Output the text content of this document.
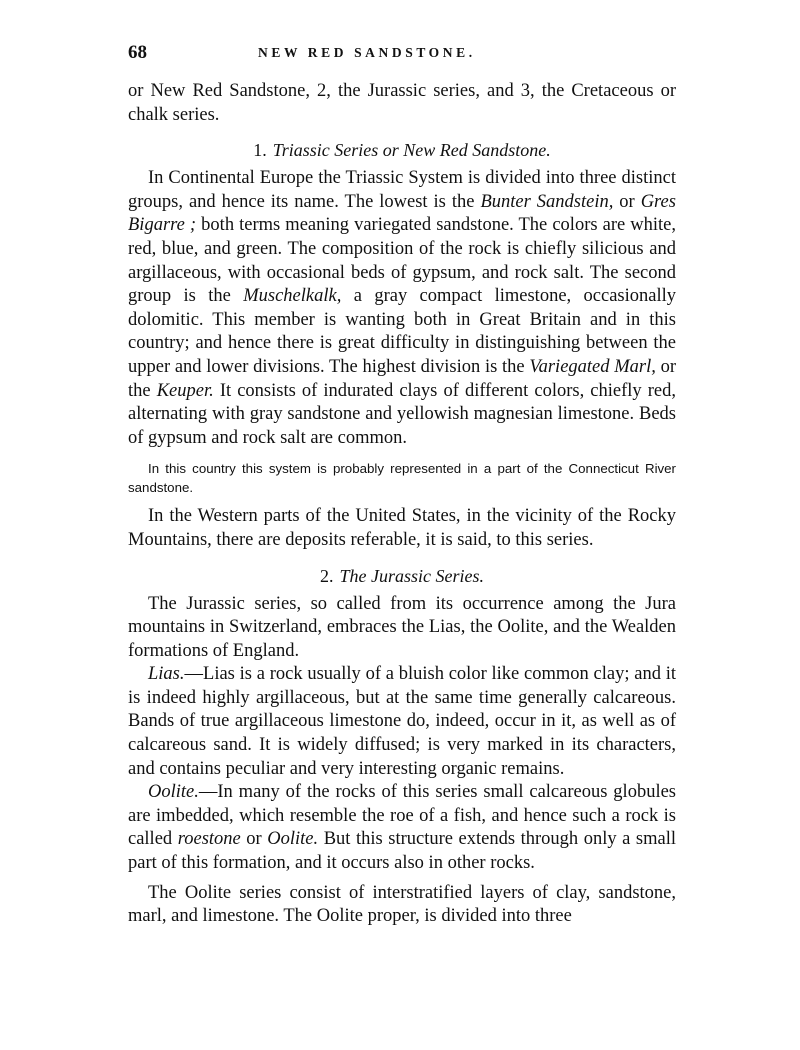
68	NEW RED SANDSTONE.

or New Red Sandstone, 2, the Jurassic series, and 3, the Cretaceous or chalk series.

1. Triassic Series or New Red Sandstone.

In Continental Europe the Triassic System is divided into three distinct groups, and hence its name. The lowest is the Bunter Sandstein, or Gres Bigarre ; both terms meaning variegated sandstone. The colors are white, red, blue, and green. The composition of the rock is chiefly silicious and argillaceous, with occasional beds of gypsum, and rock salt. The second group is the Muschelkalk, a gray compact limestone, occasionally dolomitic. This member is wanting both in Great Britain and in this country; and hence there is great difficulty in distinguishing between the upper and lower divisions. The highest division is the Variegated Marl, or the Keuper. It consists of indurated clays of different colors, chiefly red, alternating with gray sandstone and yellowish magnesian limestone. Beds of gypsum and rock salt are common.

In this country this system is probably represented in a part of the Connecticut River sandstone.

In the Western parts of the United States, in the vicinity of the Rocky Mountains, there are deposits referable, it is said, to this series.

2. The Jurassic Series.

The Jurassic series, so called from its occurrence among the Jura mountains in Switzerland, embraces the Lias, the Oolite, and the Wealden formations of England.

Lias.—Lias is a rock usually of a bluish color like common clay; and it is indeed highly argillaceous, but at the same time generally calcareous. Bands of true argillaceous limestone do, indeed, occur in it, as well as of calcareous sand. It is widely diffused; is very marked in its characters, and contains peculiar and very interesting organic remains.

Oolite.—In many of the rocks of this series small calcareous globules are imbedded, which resemble the roe of a fish, and hence such a rock is called roestone or Oolite. But this structure extends through only a small part of this formation, and it occurs also in other rocks.

The Oolite series consist of interstratified layers of clay, sandstone, marl, and limestone. The Oolite proper, is divided into three
